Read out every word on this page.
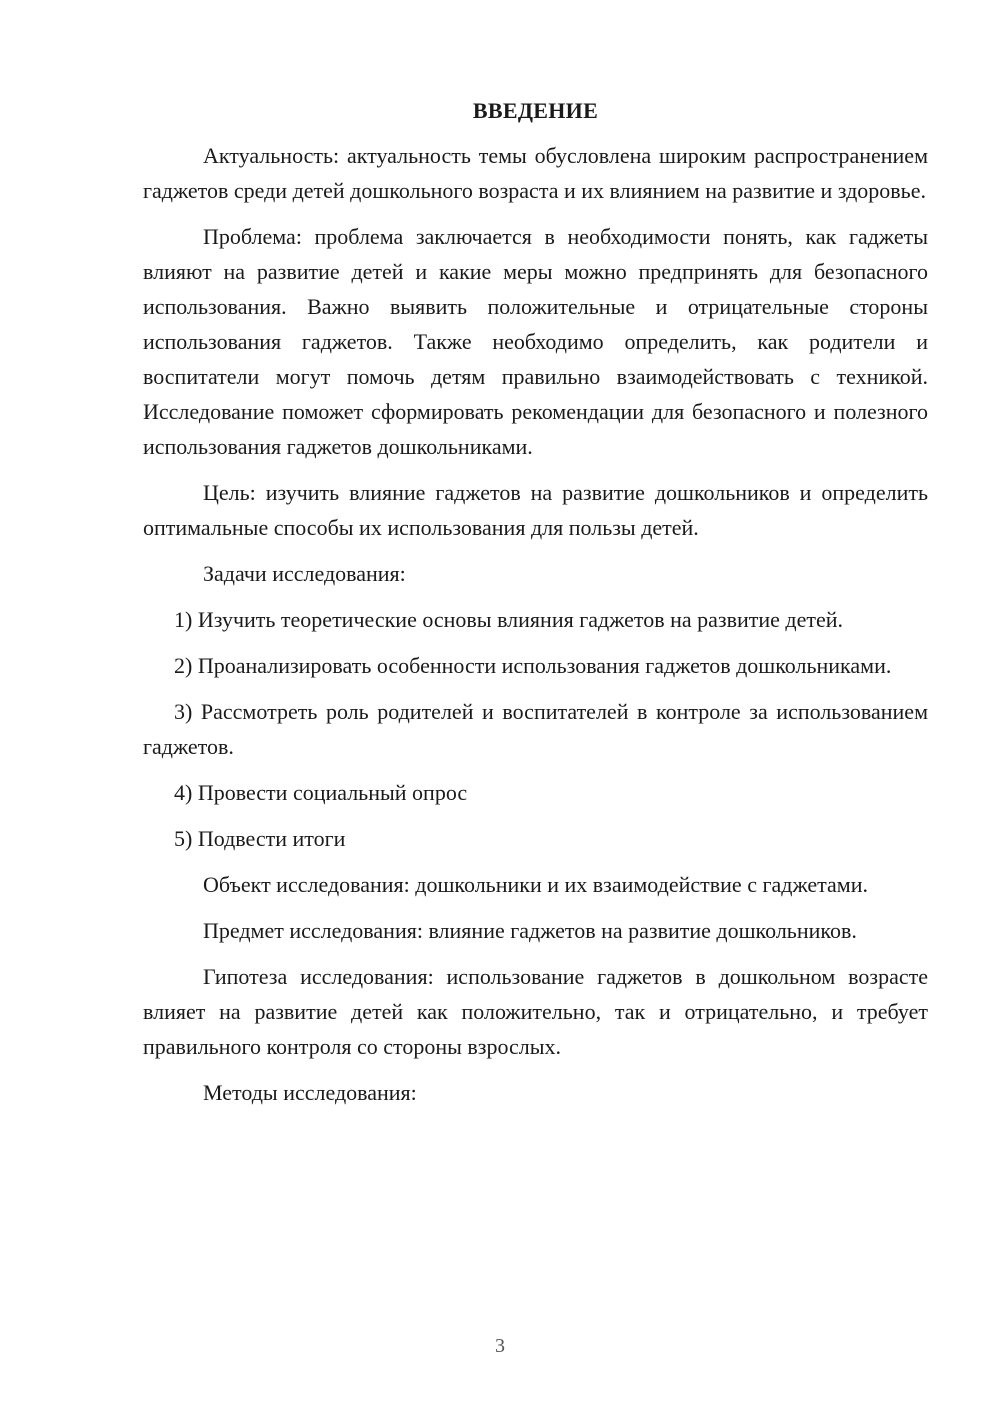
ВВЕДЕНИЕ

Актуальность: актуальность темы обусловлена широким распространением гаджетов среди детей дошкольного возраста и их влиянием на развитие и здоровье.

Проблема: проблема заключается в необходимости понять, как гаджеты влияют на развитие детей и какие меры можно предпринять для безопасного использования. Важно выявить положительные и отрицательные стороны использования гаджетов. Также необходимо определить, как родители и воспитатели могут помочь детям правильно взаимодействовать с техникой. Исследование поможет сформировать рекомендации для безопасного и полезного использования гаджетов дошкольниками.

Цель: изучить влияние гаджетов на развитие дошкольников и определить оптимальные способы их использования для пользы детей.

Задачи исследования:

1) Изучить теоретические основы влияния гаджетов на развитие детей.

2) Проанализировать особенности использования гаджетов дошкольниками.

3) Рассмотреть роль родителей и воспитателей в контроле за использованием гаджетов.

4) Провести социальный опрос

5) Подвести итоги

Объект исследования: дошкольники и их взаимодействие с гаджетами.

Предмет исследования: влияние гаджетов на развитие дошкольников.

Гипотеза исследования: использование гаджетов в дошкольном возрасте влияет на развитие детей как положительно, так и отрицательно, и требует правильного контроля со стороны взрослых.

Методы исследования:

3
